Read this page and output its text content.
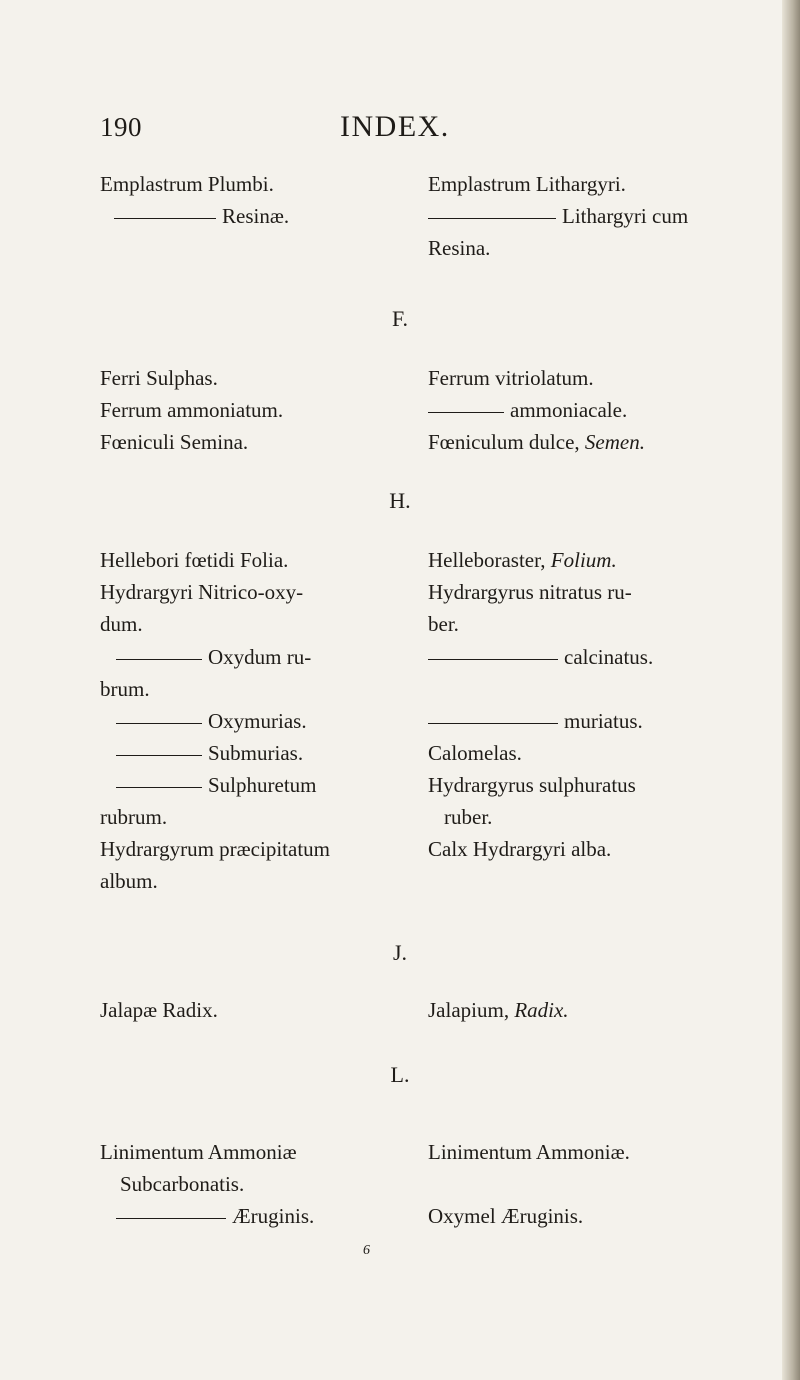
190	INDEX.
Emplastrum Plumbi.
Resinæ.
Emplastrum Lithargyri.
Lithargyri cum
Resina.
F.
Ferri Sulphas.
Ferrum ammoniatum.
Fœniculi Semina.
Ferrum vitriolatum.
ammoniacale.
Fœniculum dulce, Semen.
H.
Hellebori fœtidi Folia.
Hydrargyri Nitrico-oxy-
dum.
Oxydum ru-
brum.
Oxymurias.
Submurias.
Sulphuretum
rubrum.
Hydrargyrum præcipitatum
album.
Helleboraster, Folium.
Hydrargyrus nitratus ru-
ber.
calcinatus.
muriatus.
Calomelas.
Hydrargyrus sulphuratus
ruber.
Calx Hydrargyri alba.
J.
Jalapæ Radix.	Jalapium, Radix.
L.
Linimentum Ammoniæ
Subcarbonatis.
Æruginis.
Linimentum Ammoniæ.
Oxymel Æruginis.
6
